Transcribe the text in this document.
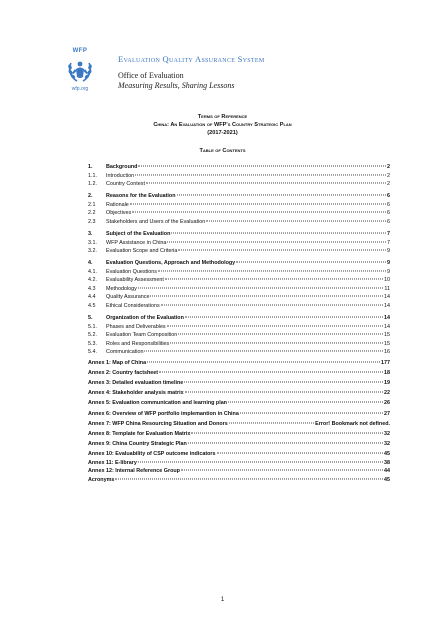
WFP
wfp.org
Evaluation Quality Assurance System
Office of Evaluation
Measuring Results, Sharing Lessons
Terms of Reference
China: An Evaluation of WFP's Country Strategic Plan
(2017-2021)
Table of Contents
1.	Background	2
1.1.	Introduction	2
1.2.	Country Context	2
2.	Reasons for the Evaluation	6
2.1	Rationale	6
2.2	Objectives	6
2.3	Stakeholders and Users of the Evaluation	6
3.	Subject of the Evaluation	7
3.1.	WFP Assistance in China	7
3.2.	Evaluation Scope and Criteria	9
4.	Evaluation Questions, Approach and Methodology	9
4.1.	Evaluation Questions	9
4.2.	Evaluability Assessment	10
4.3	Methodology	11
4.4	Quality Assurance	14
4.5	Ethical Considerations	14
5.	Organization of the Evaluation	14
5.1.	Phases and Deliverables	14
5.2.	Evaluation Team Composition	15
5.3.	Roles and Responsibilities	15
5.4.	Communication	16
Annex 1: Map of China	177
Annex 2: Country factsheet	18
Annex 3: Detailed evaluation timeline	19
Annex 4: Stakeholder analysis matrix	22
Annex 5: Evaluation communication and learning plan	26
Annex 6: Overview of WFP portfolio implemantion in China	27
Annex 7: WFP China Resourcing Situation and Donors	Error! Bookmark not defined.
Annex 8: Template for Evaluation Matrix	32
Annex 9: China Country Strategic Plan	32
Annex 10: Evaluability of CSP outcome indicators	45
Annex 11: E-library	38
Annex 12: Internal Reference Group	44
Acronyms	45
1
